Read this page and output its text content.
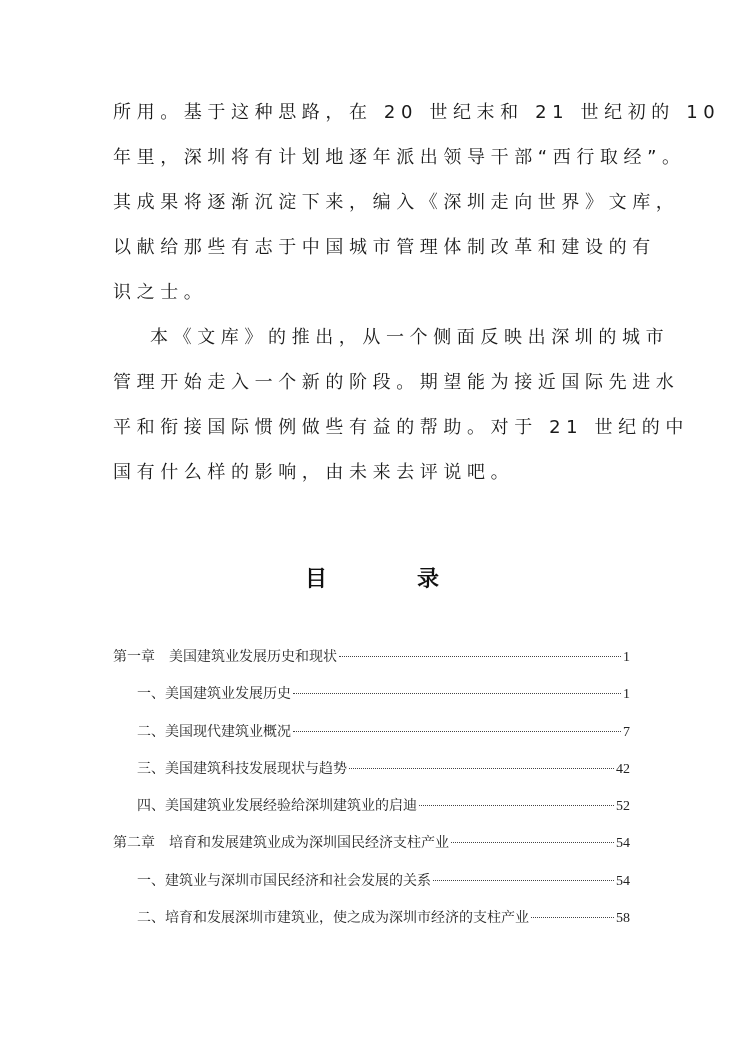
所用。基于这种思路，在 20 世纪末和 21 世纪初的 10
年里，深圳将有计划地逐年派出领导干部“西行取经”。
其成果将逐渐沉淀下来，编入《深圳走向世界》文库，
以献给那些有志于中国城市管理体制改革和建设的有
识之士。
本《文库》的推出，从一个侧面反映出深圳的城市
管理开始走入一个新的阶段。期望能为接近国际先进水
平和衔接国际惯例做些有益的帮助。对于 21 世纪的中
国有什么样的影响，由未来去评说吧。
目	录
第一章 美国建筑业发展历史和现状	1
一、 美国建筑业发展历史	1
二、 美国现代建筑业概况	7
三、 美国建筑科技发展现状与趋势	42
四、 美国建筑业发展经验给深圳建筑业的启迪	52
第二章 培育和发展建筑业成为深圳国民经济支柱产业	54
一、 建筑业与深圳市国民经济和社会发展的关系	54
二、 培育和发展深圳市建筑业，使之成为深圳市经济的支柱产业	58
